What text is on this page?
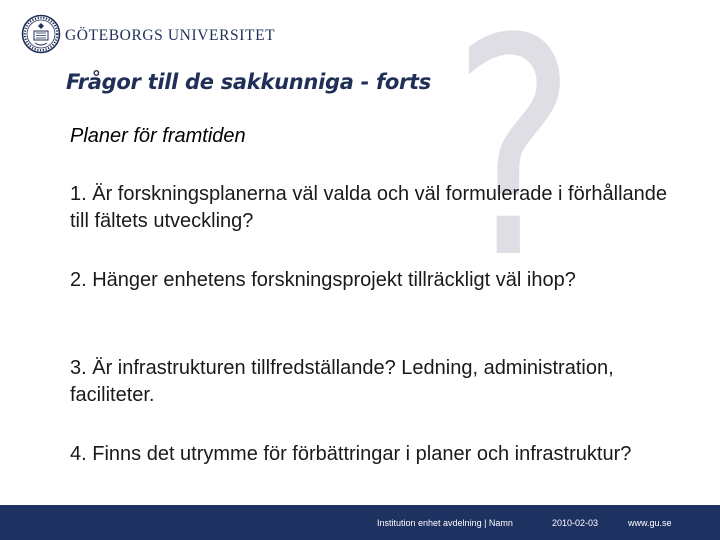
GÖTEBORGS UNIVERSITET ?
Frågor till de sakkunniga - forts
Planer för framtiden
1. Är forskningsplanerna väl valda och väl formulerade i förhållande till fältets utveckling?
2. Hänger enhetens forskningsprojekt tillräckligt väl ihop?
3. Är infrastrukturen tillfredställande? Ledning, administration, faciliteter.
4. Finns det utrymme för förbättringar i planer och infrastruktur?
Institution enhet avdelning | Namn	2010-02-03	www.gu.se
